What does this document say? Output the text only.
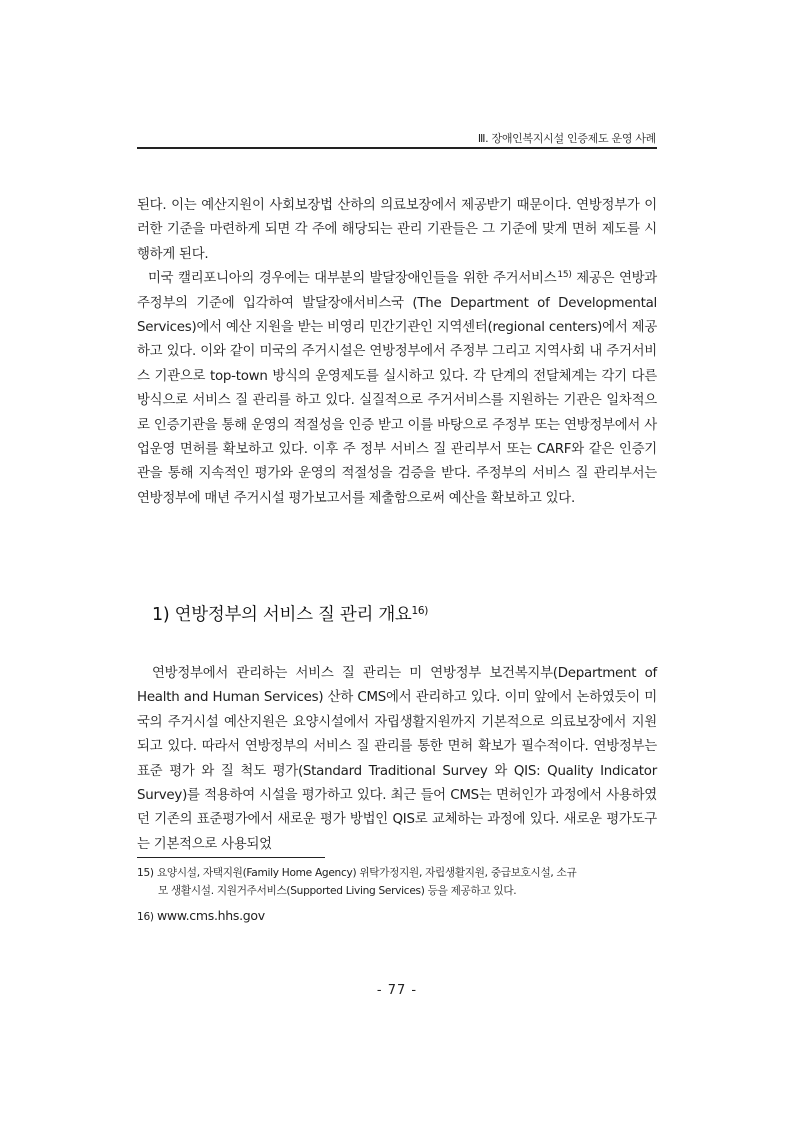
Ⅲ. 장애인복지시설 인증제도 운영 사례

된다. 이는 예산지원이 사회보장법 산하의 의료보장에서 제공받기 때문이다. 연방정부가 이러한 기준을 마련하게 되면 각 주에 해당되는 관리 기관들은 그 기준에 맞게 면허 제도를 시행하게 된다.

미국 캘리포니아의 경우에는 대부분의 발달장애인들을 위한 주거서비스$^{15)}$ 제공은 연방과 주정부의 기준에 입각하여 발달장애서비스국 (The Department of Developmental Services)에서 예산 지원을 받는 비영리 민간기관인 지역센터(regional centers)에서 제공하고 있다. 이와 같이 미국의 주거시설은 연방정부에서 주정부 그리고 지역사회 내 주거서비스 기관으로 top-town 방식의 운영제도를 실시하고 있다. 각 단계의 전달체계는 각기 다른 방식으로 서비스 질 관리를 하고 있다. 실질적으로 주거서비스를 지원하는 기관은 일차적으로 인증기관을 통해 운영의 적절성을 인증 받고 이를 바탕으로 주정부 또는 연방정부에서 사업운영 면허를 확보하고 있다. 이후 주 정부 서비스 질 관리부서 또는 CARF와 같은 인증기관을 통해 지속적인 평가와 운영의 적절성을 검증을 받다. 주정부의 서비스 질 관리부서는 연방정부에 매년 주거시설 평가보고서를 제출함으로써 예산을 확보하고 있다.

1) 연방정부의 서비스 질 관리 개요$^{16)}$

연방정부에서 관리하는 서비스 질 관리는 미 연방정부 보건복지부(Department of Health and Human Services) 산하 CMS에서 관리하고 있다. 이미 앞에서 논하였듯이 미국의 주거시설 예산지원은 요양시설에서 자립생활지원까지 기본적으로 의료보장에서 지원되고 있다. 따라서 연방정부의 서비스 질 관리를 통한 면허 확보가 필수적이다. 연방정부는 표준 평가 와 질 척도 평가(Standard Traditional Survey 와 QIS: Quality Indicator Survey)를 적용하여 시설을 평가하고 있다. 최근 들어 CMS는 면허인가 과정에서 사용하였던 기존의 표준평가에서 새로운 평가 방법인 QIS로 교체하는 과정에 있다. 새로운 평가도구는 기본적으로 사용되었

15) 요양시설, 자택지원(Family Home Agency) 위탁가정지원, 자립생활지원, 중급보호시설, 소규
모 생활시설. 지원거주서비스(Supported Living Services) 등을 제공하고 있다.
16) www.cms.hhs.gov
- 77 -
